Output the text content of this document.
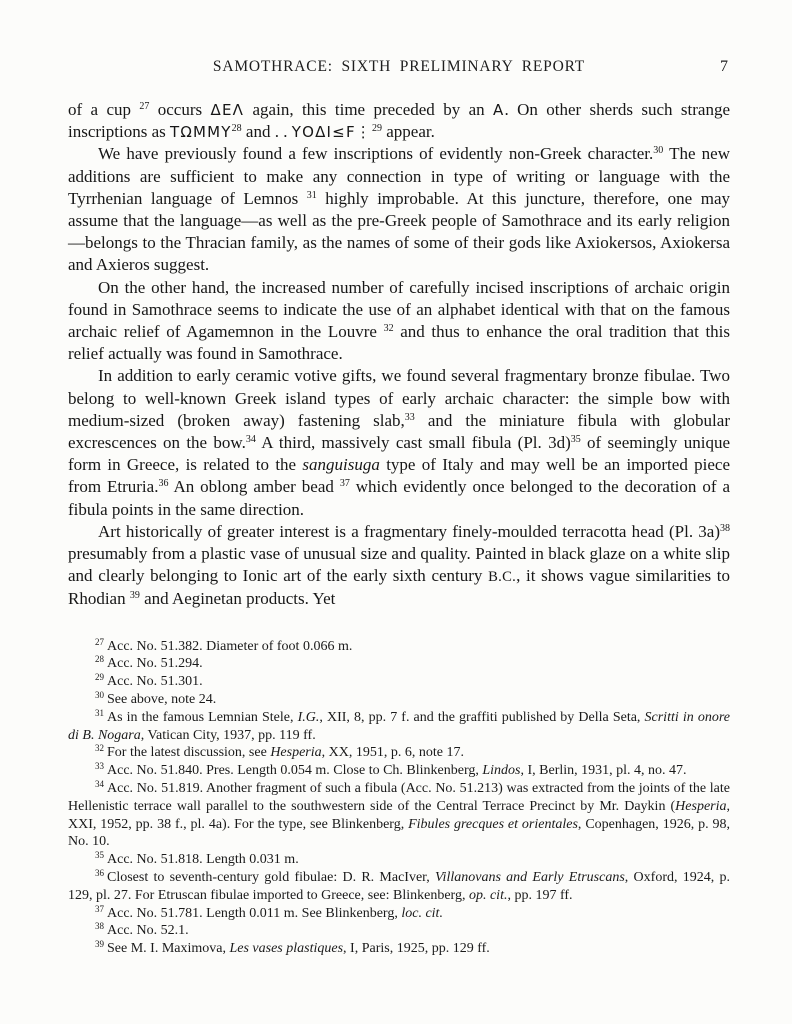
SAMOTHRACE: SIXTH PRELIMINARY REPORT	7

of a cup $^{27}$ occurs ΔΕΛ again, this time preceded by an Α. On other sherds such strange inscriptions as ΤΩΜΜΥ$^{28}$ and . . ΥΟΔΙ≤F⋮$^{29}$ appear.

We have previously found a few inscriptions of evidently non-Greek character.$^{30}$ The new additions are sufficient to make any connection in type of writing or language with the Tyrrhenian language of Lemnos $^{31}$ highly improbable. At this juncture, therefore, one may assume that the language—as well as the pre-Greek people of Samothrace and its early religion—belongs to the Thracian family, as the names of some of their gods like Axiokersos, Axiokersa and Axieros suggest.

On the other hand, the increased number of carefully incised inscriptions of archaic origin found in Samothrace seems to indicate the use of an alphabet identical with that on the famous archaic relief of Agamemnon in the Louvre $^{32}$ and thus to enhance the oral tradition that this relief actually was found in Samothrace.

In addition to early ceramic votive gifts, we found several fragmentary bronze fibulae. Two belong to well-known Greek island types of early archaic character: the simple bow with medium-sized (broken away) fastening slab,$^{33}$ and the miniature fibula with globular excrescences on the bow.$^{34}$ A third, massively cast small fibula (Pl. 3d)$^{35}$ of seemingly unique form in Greece, is related to the sanguisuga type of Italy and may well be an imported piece from Etruria.$^{36}$ An oblong amber bead $^{37}$ which evidently once belonged to the decoration of a fibula points in the same direction.

Art historically of greater interest is a fragmentary finely-moulded terracotta head (Pl. 3a)$^{38}$ presumably from a plastic vase of unusual size and quality. Painted in black glaze on a white slip and clearly belonging to Ionic art of the early sixth century B.C., it shows vague similarities to Rhodian $^{39}$ and Aeginetan products. Yet

$^{27}$ Acc. No. 51.382. Diameter of foot 0.066 m.

$^{28}$ Acc. No. 51.294.

$^{29}$ Acc. No. 51.301.

$^{30}$ See above, note 24.

$^{31}$ As in the famous Lemnian Stele, I.G., XII, 8, pp. 7 f. and the graffiti published by Della Seta, Scritti in onore di B. Nogara, Vatican City, 1937, pp. 119 ff.

$^{32}$ For the latest discussion, see Hesperia, XX, 1951, p. 6, note 17.

$^{33}$ Acc. No. 51.840. Pres. Length 0.054 m. Close to Ch. Blinkenberg, Lindos, I, Berlin, 1931, pl. 4, no. 47.

$^{34}$ Acc. No. 51.819. Another fragment of such a fibula (Acc. No. 51.213) was extracted from the joints of the late Hellenistic terrace wall parallel to the southwestern side of the Central Terrace Precinct by Mr. Daykin (Hesperia, XXI, 1952, pp. 38 f., pl. 4a). For the type, see Blinkenberg, Fibules grecques et orientales, Copenhagen, 1926, p. 98, No. 10.

$^{35}$ Acc. No. 51.818. Length 0.031 m.

$^{36}$ Closest to seventh-century gold fibulae: D. R. MacIver, Villanovans and Early Etruscans, Oxford, 1924, p. 129, pl. 27. For Etruscan fibulae imported to Greece, see: Blinkenberg, op. cit., pp. 197 ff.

$^{37}$ Acc. No. 51.781. Length 0.011 m. See Blinkenberg, loc. cit.

$^{38}$ Acc. No. 52.1.

$^{39}$ See M. I. Maximova, Les vases plastiques, I, Paris, 1925, pp. 129 ff.
